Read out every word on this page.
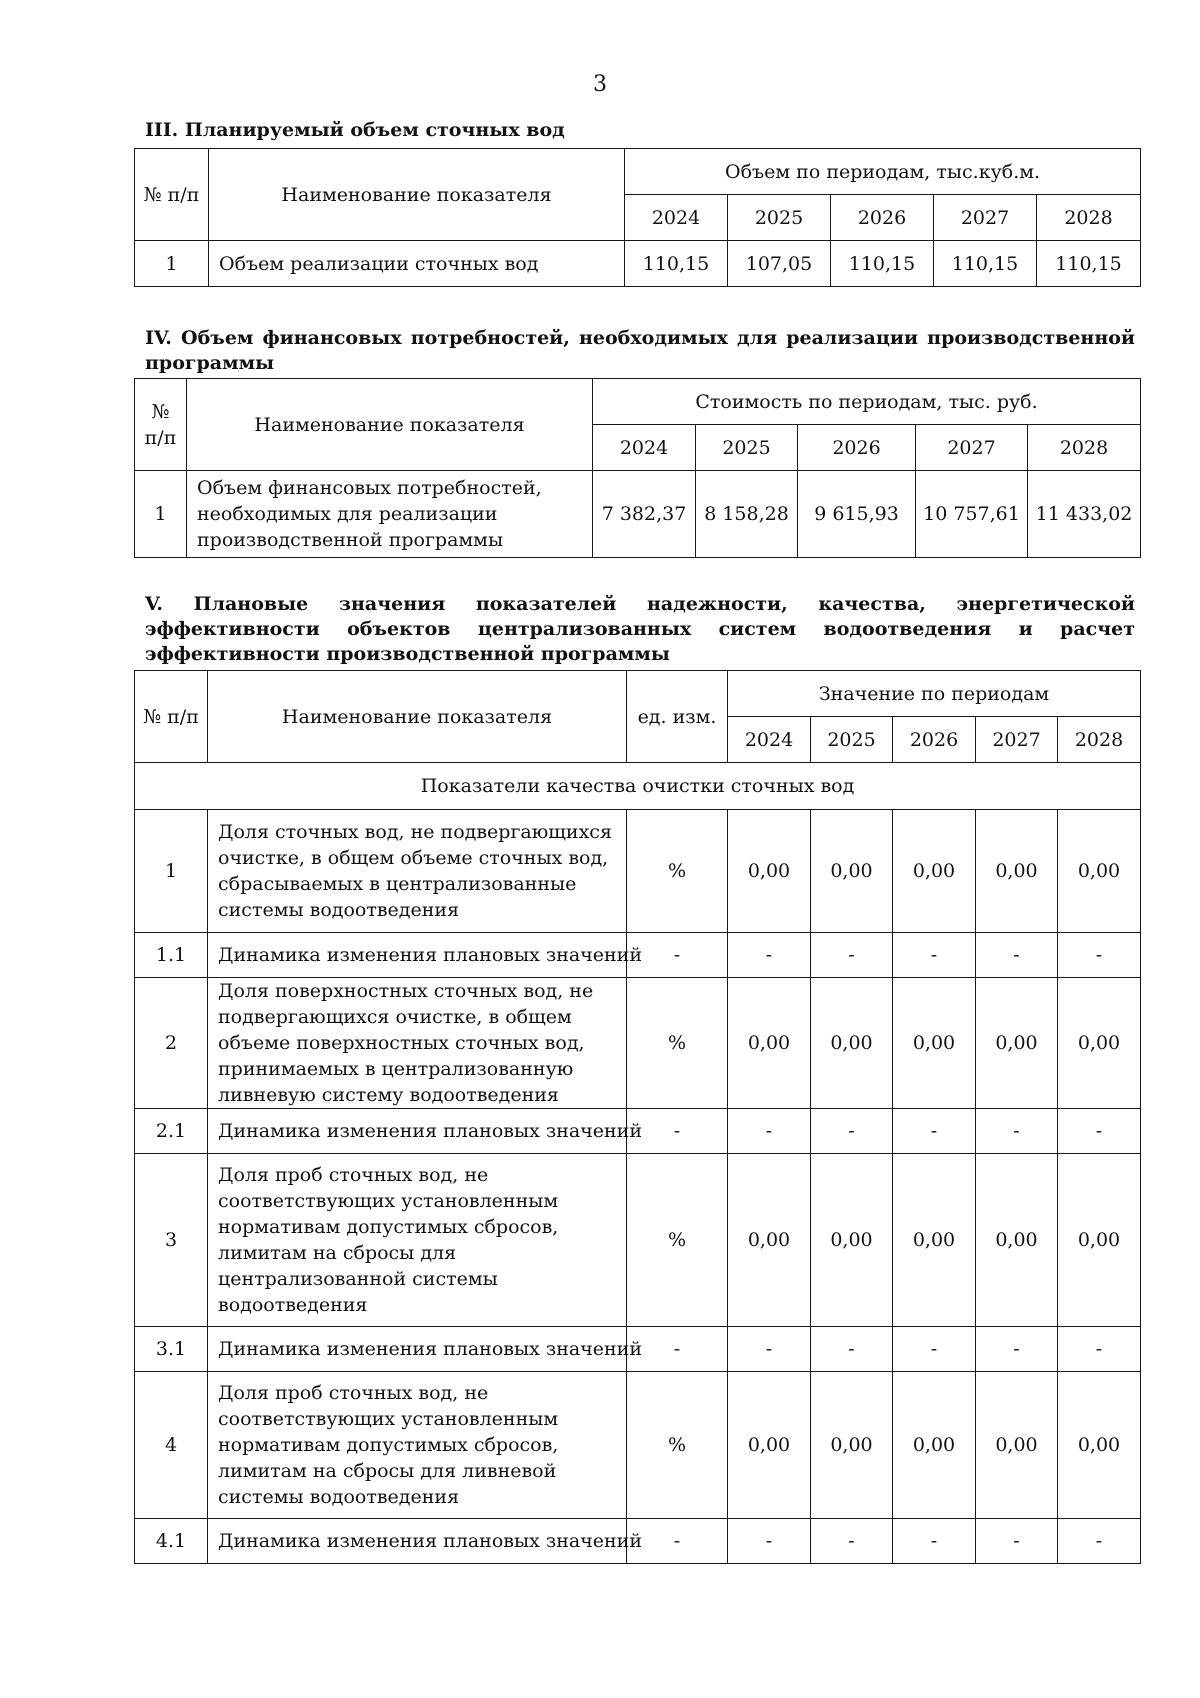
3
III. Планируемый объем сточных вод
№ п/п	Наименование показателя	Объем по периодам, тыс.куб.м.				
		2024	2025	2026	2027	2028
1	Объем реализации сточных вод	110,15	107,05	110,15	110,15	110,15
IV. Объем финансовых потребностей, необходимых для реализации производственной программы
№ п/п	Наименование показателя	Стоимость по периодам, тыс. руб.				
		2024	2025	2026	2027	2028
1	Объем финансовых потребностей, необходимых для реализации производственной программы	7 382,37	8 158,28	9 615,93	10 757,61	11 433,02
V. Плановые значения показателей надежности, качества, энергетической эффективности объектов централизованных систем водоотведения и расчет эффективности производственной программы
№ п/п	Наименование показателя	ед. изм.	Значение по периодам				
			2024	2025	2026	2027	2028
Показатели качества очистки сточных вод							
1	Доля сточных вод, не подвергающихся очистке, в общем объеме сточных вод, сбрасываемых в централизованные системы водоотведения	%	0,00	0,00	0,00	0,00	0,00
1.1	Динамика изменения плановых значений	-	-	-	-	-	-
2	Доля поверхностных сточных вод, не подвергающихся очистке, в общем объеме поверхностных сточных вод, принимаемых в централизованную ливневую систему водоотведения	%	0,00	0,00	0,00	0,00	0,00
2.1	Динамика изменения плановых значений	-	-	-	-	-	-
3	Доля проб сточных вод, не соответствующих установленным нормативам допустимых сбросов, лимитам на сбросы для централизованной системы водоотведения	%	0,00	0,00	0,00	0,00	0,00
3.1	Динамика изменения плановых значений	-	-	-	-	-	-
4	Доля проб сточных вод, не соответствующих установленным нормативам допустимых сбросов, лимитам на сбросы для ливневой системы водоотведения	%	0,00	0,00	0,00	0,00	0,00
4.1	Динамика изменения плановых значений	-	-	-	-	-	-
